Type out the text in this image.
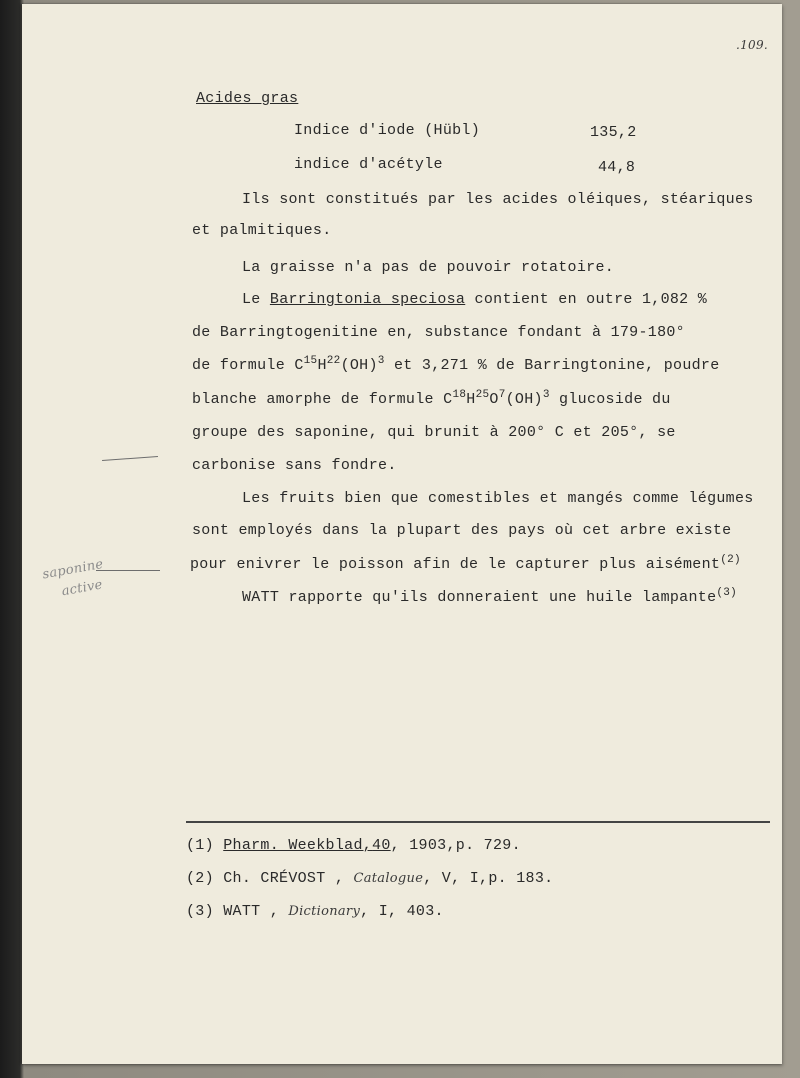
.109.
Acides gras
Indice d'iode (Hübl)	135,2
indice d'acétyle	44,8
Ils sont constitués par les acides oléiques, stéariques
et palmitiques.
La graisse n'a pas de pouvoir rotatoire.
Le Barringtonia speciosa contient en outre 1,082 %
de Barringtogenitine en, substance fondant à 179-180°
de formule $C^{15}H^{22}(OH)^3$ et 3,271 % de Barringtonine, poudre
blanche amorphe de formule $C^{18}H^{25}O^7(OH)^3$ glucoside du
groupe des saponine, qui brunit à 200° C et 205°, se
carbonise sans fondre.
Les fruits bien que comestibles et mangés comme légumes
sont employés dans la plupart des pays où cet arbre existe
pour enivrer le poisson afin de le capturer plus aisément$^{(2)}$
WATT rapporte qu'ils donneraient une huile lampante$^{(3)}$
saponine
active
(1) Pharm. Weekblad,40, 1903,p. 729.
(2) Ch. CRÉVOST , Catalogue, V, I,p. 183.
(3) WATT , Dictionary, I, 403.
